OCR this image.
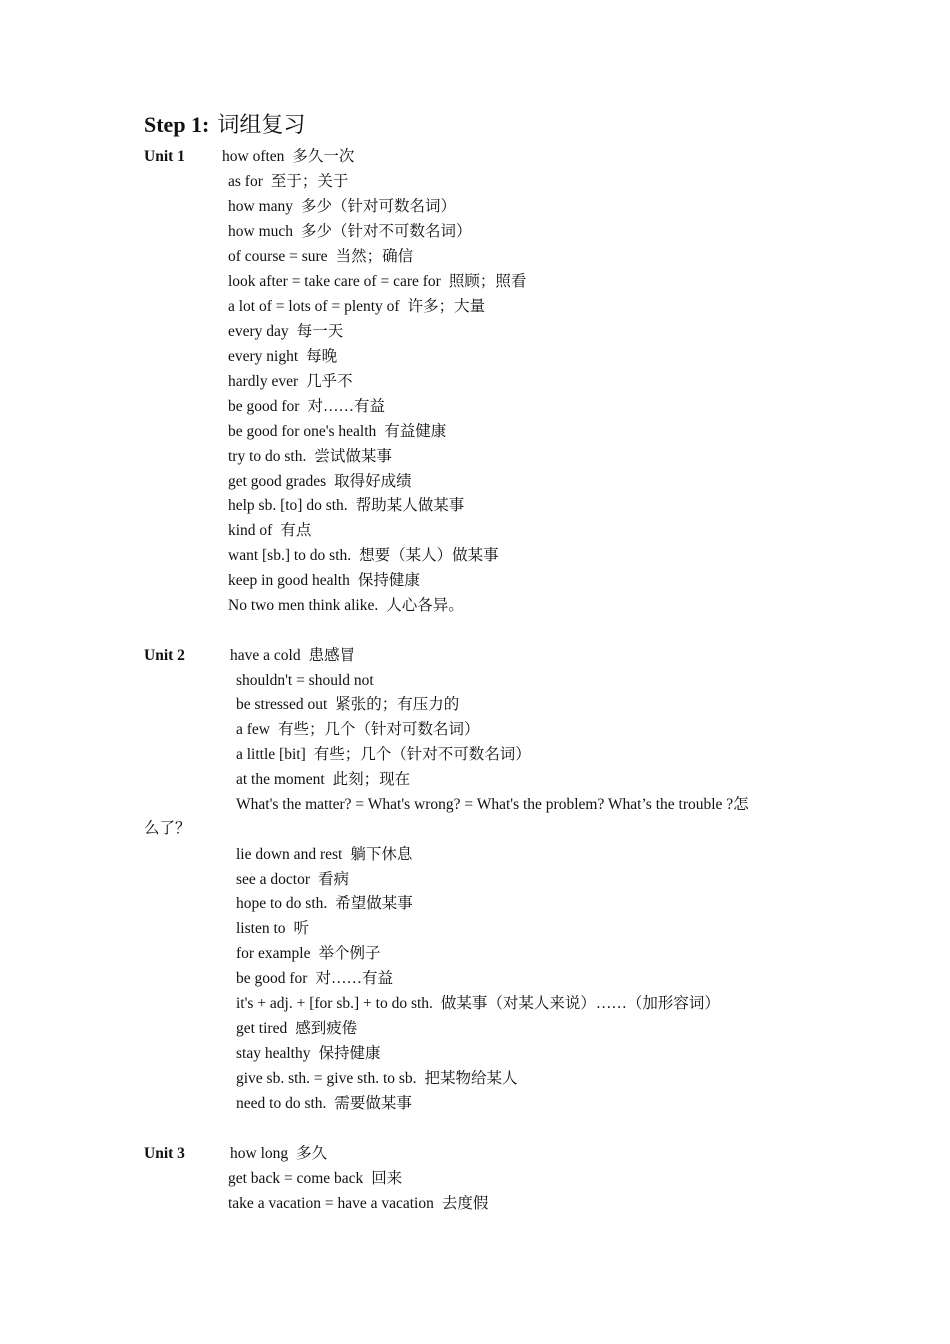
Step 1: 词组复习
Unit 1 how often 多久一次
as for 至于；关于
how many 多少（针对可数名词）
how much 多少（针对不可数名词）
of course = sure 当然；确信
look after = take care of = care for 照顾；照看
a lot of = lots of = plenty of 许多；大量
every day 每一天
every night 每晚
hardly ever 几乎不
be good for 对……有益
be good for one's health 有益健康
try to do sth. 尝试做某事
get good grades 取得好成绩
help sb. [to] do sth. 帮助某人做某事
kind of 有点
want [sb.] to do sth. 想要（某人）做某事
keep in good health 保持健康
No two men think alike. 人心各异。
Unit 2	have a cold 患感冒
shouldn't = should not
be stressed out 紧张的；有压力的
a few 有些；几个（针对可数名词）
a little [bit] 有些；几个（针对不可数名词）
at the moment 此刻；现在
What's the matter? = What's wrong? = What's the problem? What’s the trouble ?怎
么了？
lie down and rest 躺下休息
see a doctor 看病
hope to do sth. 希望做某事
listen to 听
for example 举个例子
be good for 对……有益
it's + adj. + [for sb.] + to do sth. 做某事（对某人来说）……（加形容词）
get tired 感到疲倦
stay healthy 保持健康
give sb. sth. = give sth. to sb. 把某物给某人
need to do sth. 需要做某事
Unit 3	how long 多久
get back = come back 回来
take a vacation = have a vacation 去度假
